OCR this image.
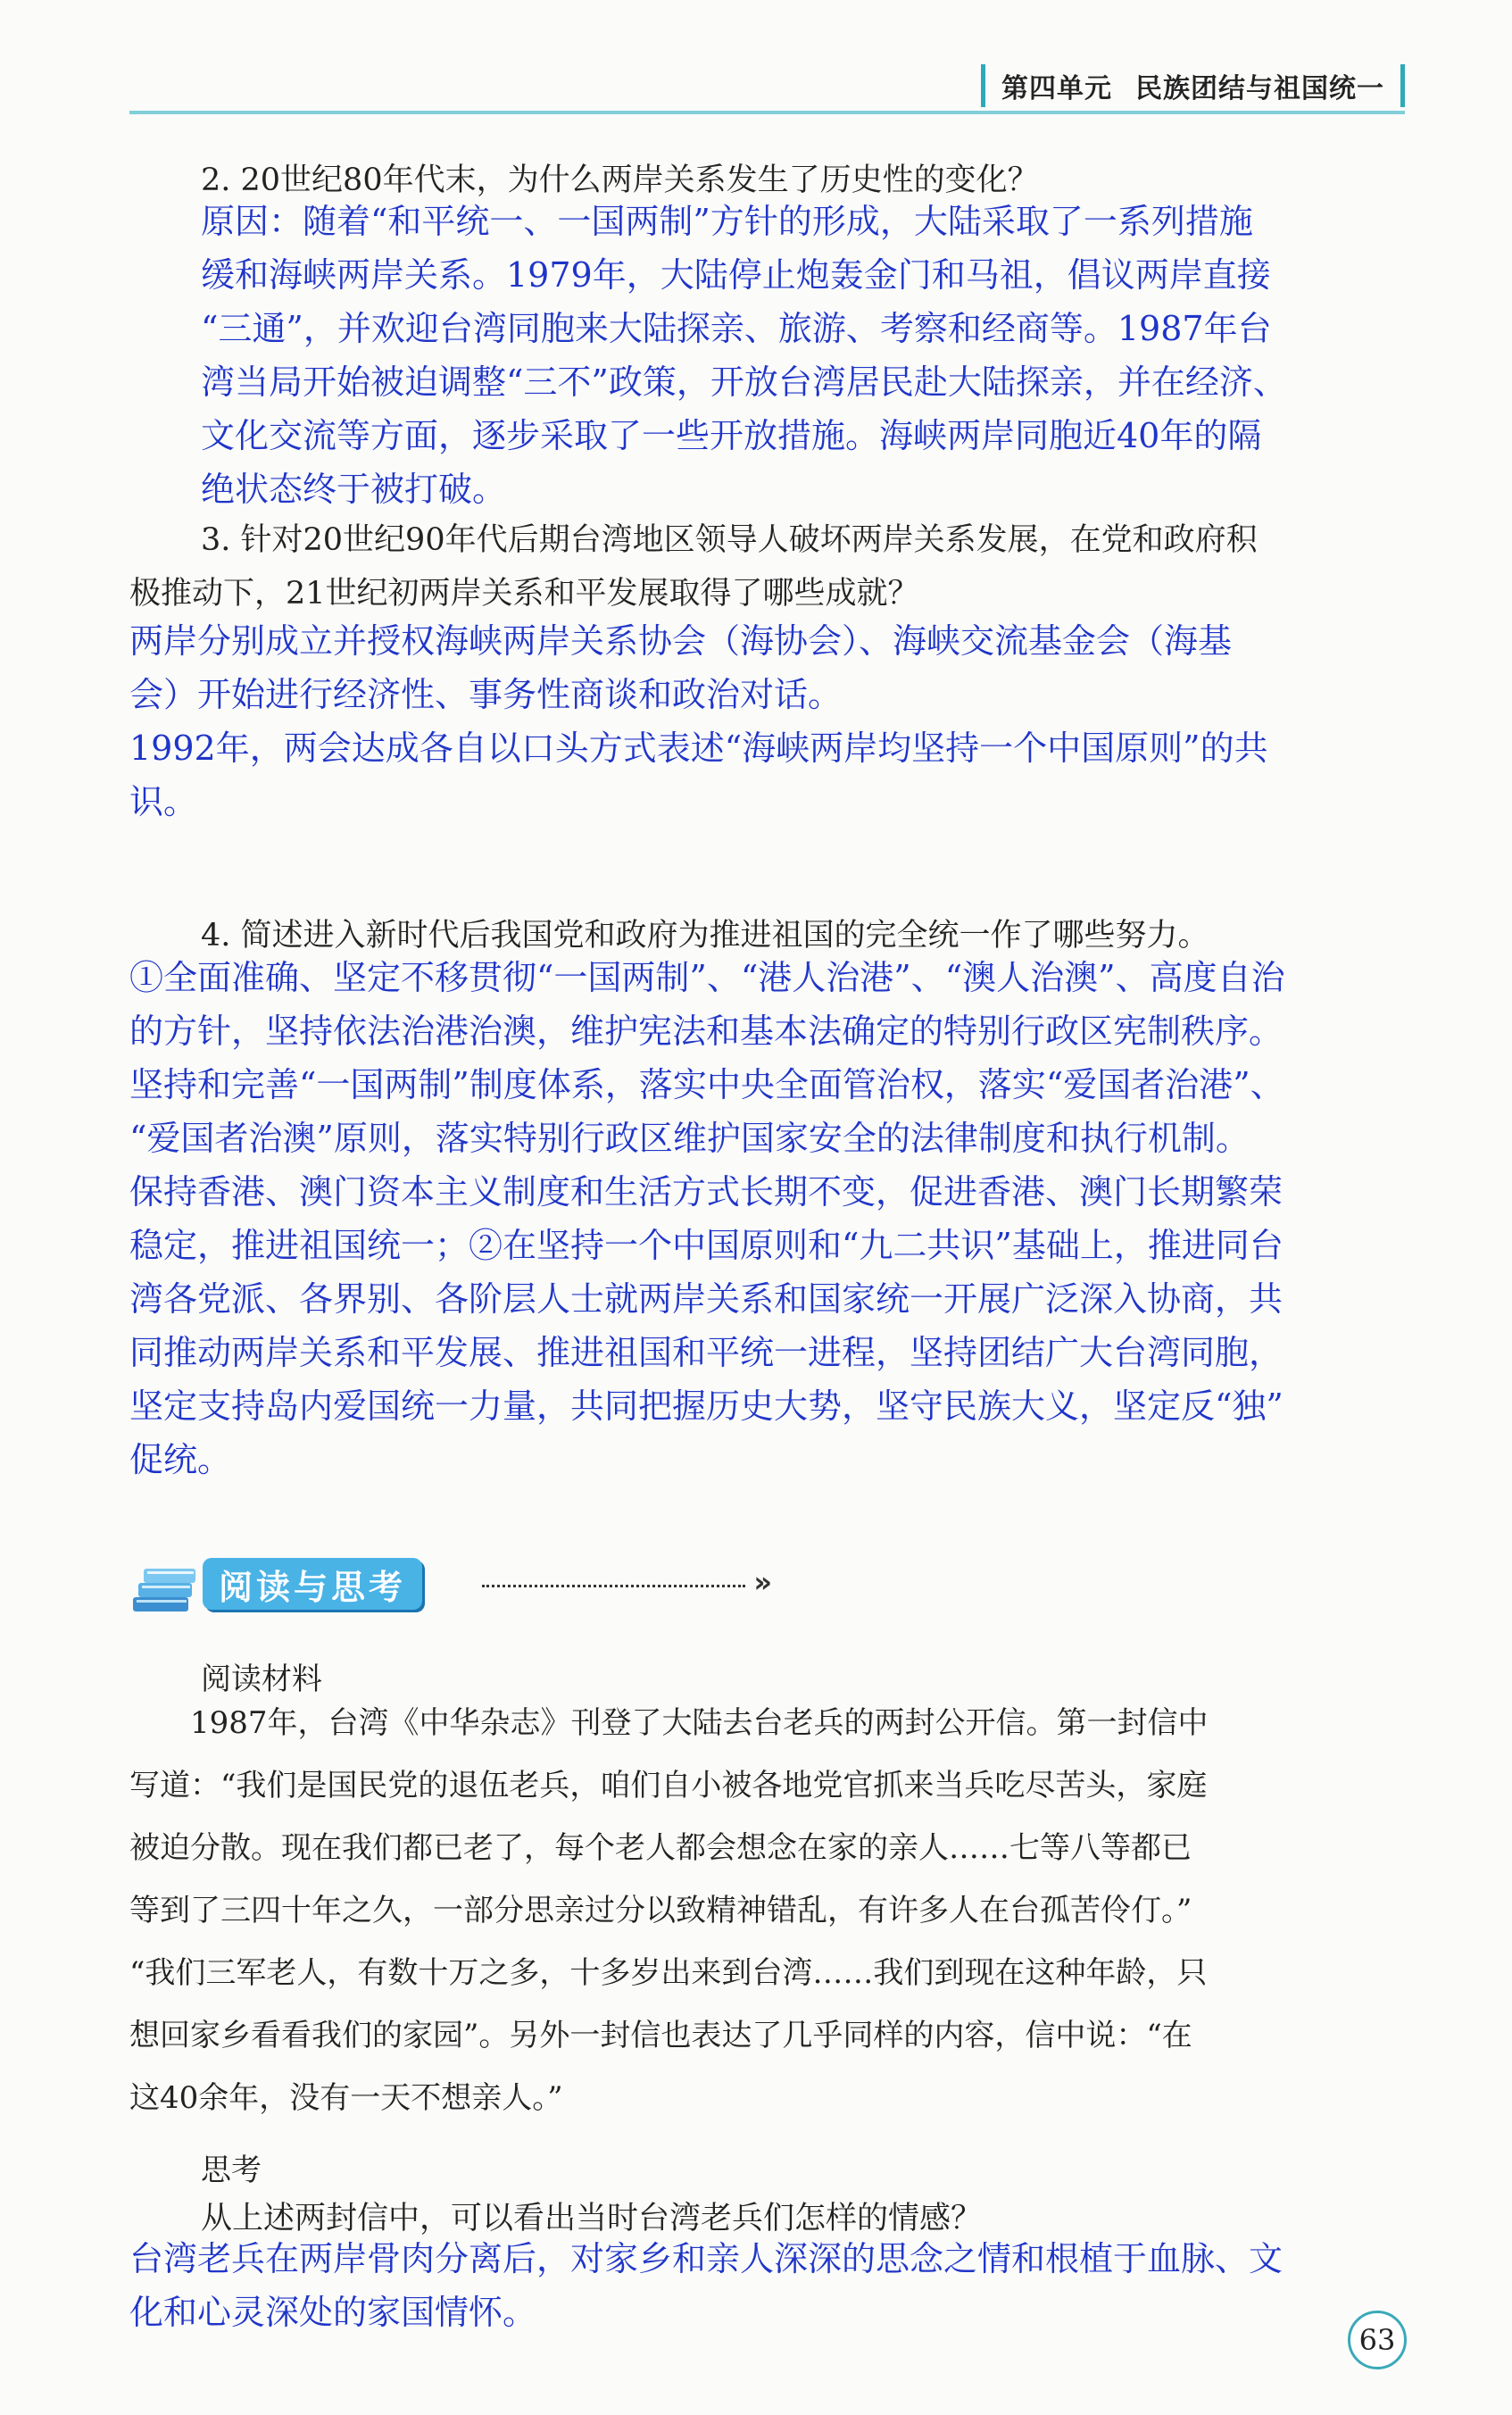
第四单元 民族团结与祖国统一
2. 20世纪80年代末，为什么两岸关系发生了历史性的变化？
原因：随着“和平统一、一国两制”方针的形成，大陆采取了一系列措施
缓和海峡两岸关系。1979年，大陆停止炮轰金门和马祖，倡议两岸直接
“三通”，并欢迎台湾同胞来大陆探亲、旅游、考察和经商等。1987年台
湾当局开始被迫调整“三不”政策，开放台湾居民赴大陆探亲，并在经济、
文化交流等方面，逐步采取了一些开放措施。海峡两岸同胞近40年的隔
绝状态终于被打破。
3. 针对20世纪90年代后期台湾地区领导人破坏两岸关系发展，在党和政府积
极推动下，21世纪初两岸关系和平发展取得了哪些成就？
两岸分别成立并授权海峡两岸关系协会（海协会）、海峡交流基金会（海基
会）开始进行经济性、事务性商谈和政治对话。
1992年，两会达成各自以口头方式表述“海峡两岸均坚持一个中国原则”的共
识。
4. 简述进入新时代后我国党和政府为推进祖国的完全统一作了哪些努力。
①全面准确、坚定不移贯彻“一国两制”、“港人治港”、“澳人治澳”、高度自治
的方针，坚持依法治港治澳，维护宪法和基本法确定的特别行政区宪制秩序。
坚持和完善“一国两制”制度体系，落实中央全面管治权，落实“爱国者治港”、
“爱国者治澳”原则，落实特别行政区维护国家安全的法律制度和执行机制。
保持香港、澳门资本主义制度和生活方式长期不变，促进香港、澳门长期繁荣
稳定，推进祖国统一；②在坚持一个中国原则和“九二共识”基础上，推进同台
湾各党派、各界别、各阶层人士就两岸关系和国家统一开展广泛深入协商，共
同推动两岸关系和平发展、推进祖国和平统一进程，坚持团结广大台湾同胞，
坚定支持岛内爱国统一力量，共同把握历史大势，坚守民族大义，坚定反“独”
促统。
阅读与思考	»
阅读材料
　　1987年，台湾《中华杂志》刊登了大陆去台老兵的两封公开信。第一封信中
写道：“我们是国民党的退伍老兵，咱们自小被各地党官抓来当兵吃尽苦头，家庭
被迫分散。现在我们都已老了，每个老人都会想念在家的亲人……七等八等都已
等到了三四十年之久，一部分思亲过分以致精神错乱，有许多人在台孤苦伶仃。”
“我们三军老人，有数十万之多，十多岁出来到台湾……我们到现在这种年龄，只
想回家乡看看我们的家园”。另外一封信也表达了几乎同样的内容，信中说：“在
这40余年，没有一天不想亲人。”
思考
从上述两封信中，可以看出当时台湾老兵们怎样的情感？
台湾老兵在两岸骨肉分离后，对家乡和亲人深深的思念之情和根植于血脉、文
化和心灵深处的家国情怀。
63
